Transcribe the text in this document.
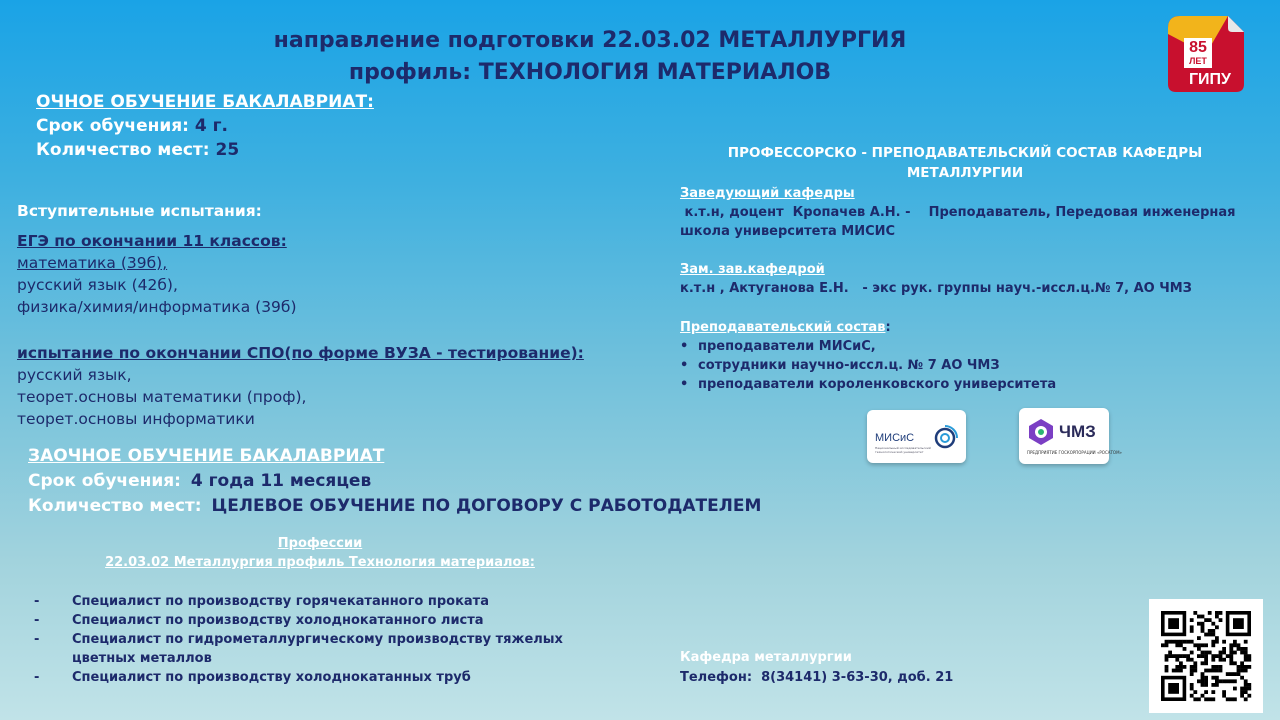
направление подготовки 22.03.02 МЕТАЛЛУРГИЯ
профиль: ТЕХНОЛОГИЯ МАТЕРИАЛОВ
85
ЛЕТ
ГИПУ
ОЧНОЕ ОБУЧЕНИЕ БАКАЛАВРИАТ:
Срок обучения: 4 г.
Количество мест: 25
Вступительные испытания:
ЕГЭ по окончании 11 классов:
математика (39б),
русский язык (42б),
физика/химия/информатика (39б)
испытание по окончании СПО(по форме ВУЗА - тестирование):
русский язык,
теорет.основы математики (проф),
теорет.основы информатики
ЗАОЧНОЕ ОБУЧЕНИЕ БАКАЛАВРИАТ
Срок обучения: 4 года 11 месяцев
Количество мест: ЦЕЛЕВОЕ ОБУЧЕНИЕ ПО ДОГОВОРУ С РАБОТОДАТЕЛЕМ
Профессии
22.03.02 Металлургия профиль Технология материалов:
- Специалист по производству горячекатанного проката
- Специалист по производству холоднокатанного листа
- Специалист по гидрометаллургическому производству тяжелых цветных металлов
- Специалист по производству холоднокатанных труб
ПРОФЕССОРСКО - ПРЕПОДАВАТЕЛЬСКИЙ СОСТАВ КАФЕДРЫ
МЕТАЛЛУРГИИ
Заведующий кафедры
к.т.н, доцент  Кропачев А.Н. -    Преподаватель, Передовая инженерная
школа университета МИСИС
Зам. зав.кафедрой
к.т.н , Актуганова Е.Н.   - экс рук. группы науч.-иссл.ц.№ 7, АО ЧМЗ
Преподавательский состав:
• преподаватели МИСиС,
• сотрудники научно-иссл.ц. № 7 АО ЧМЗ
• преподаватели короленковского университета
МИСиС
Национальный исследовательский технологический университет
ЧМЗ
ПРЕДПРИЯТИЕ ГОСКОРПОРАЦИИ «РОСАТОМ»
Кафедра металлургии
Телефон:  8(34141) 3-63-30, доб. 21
